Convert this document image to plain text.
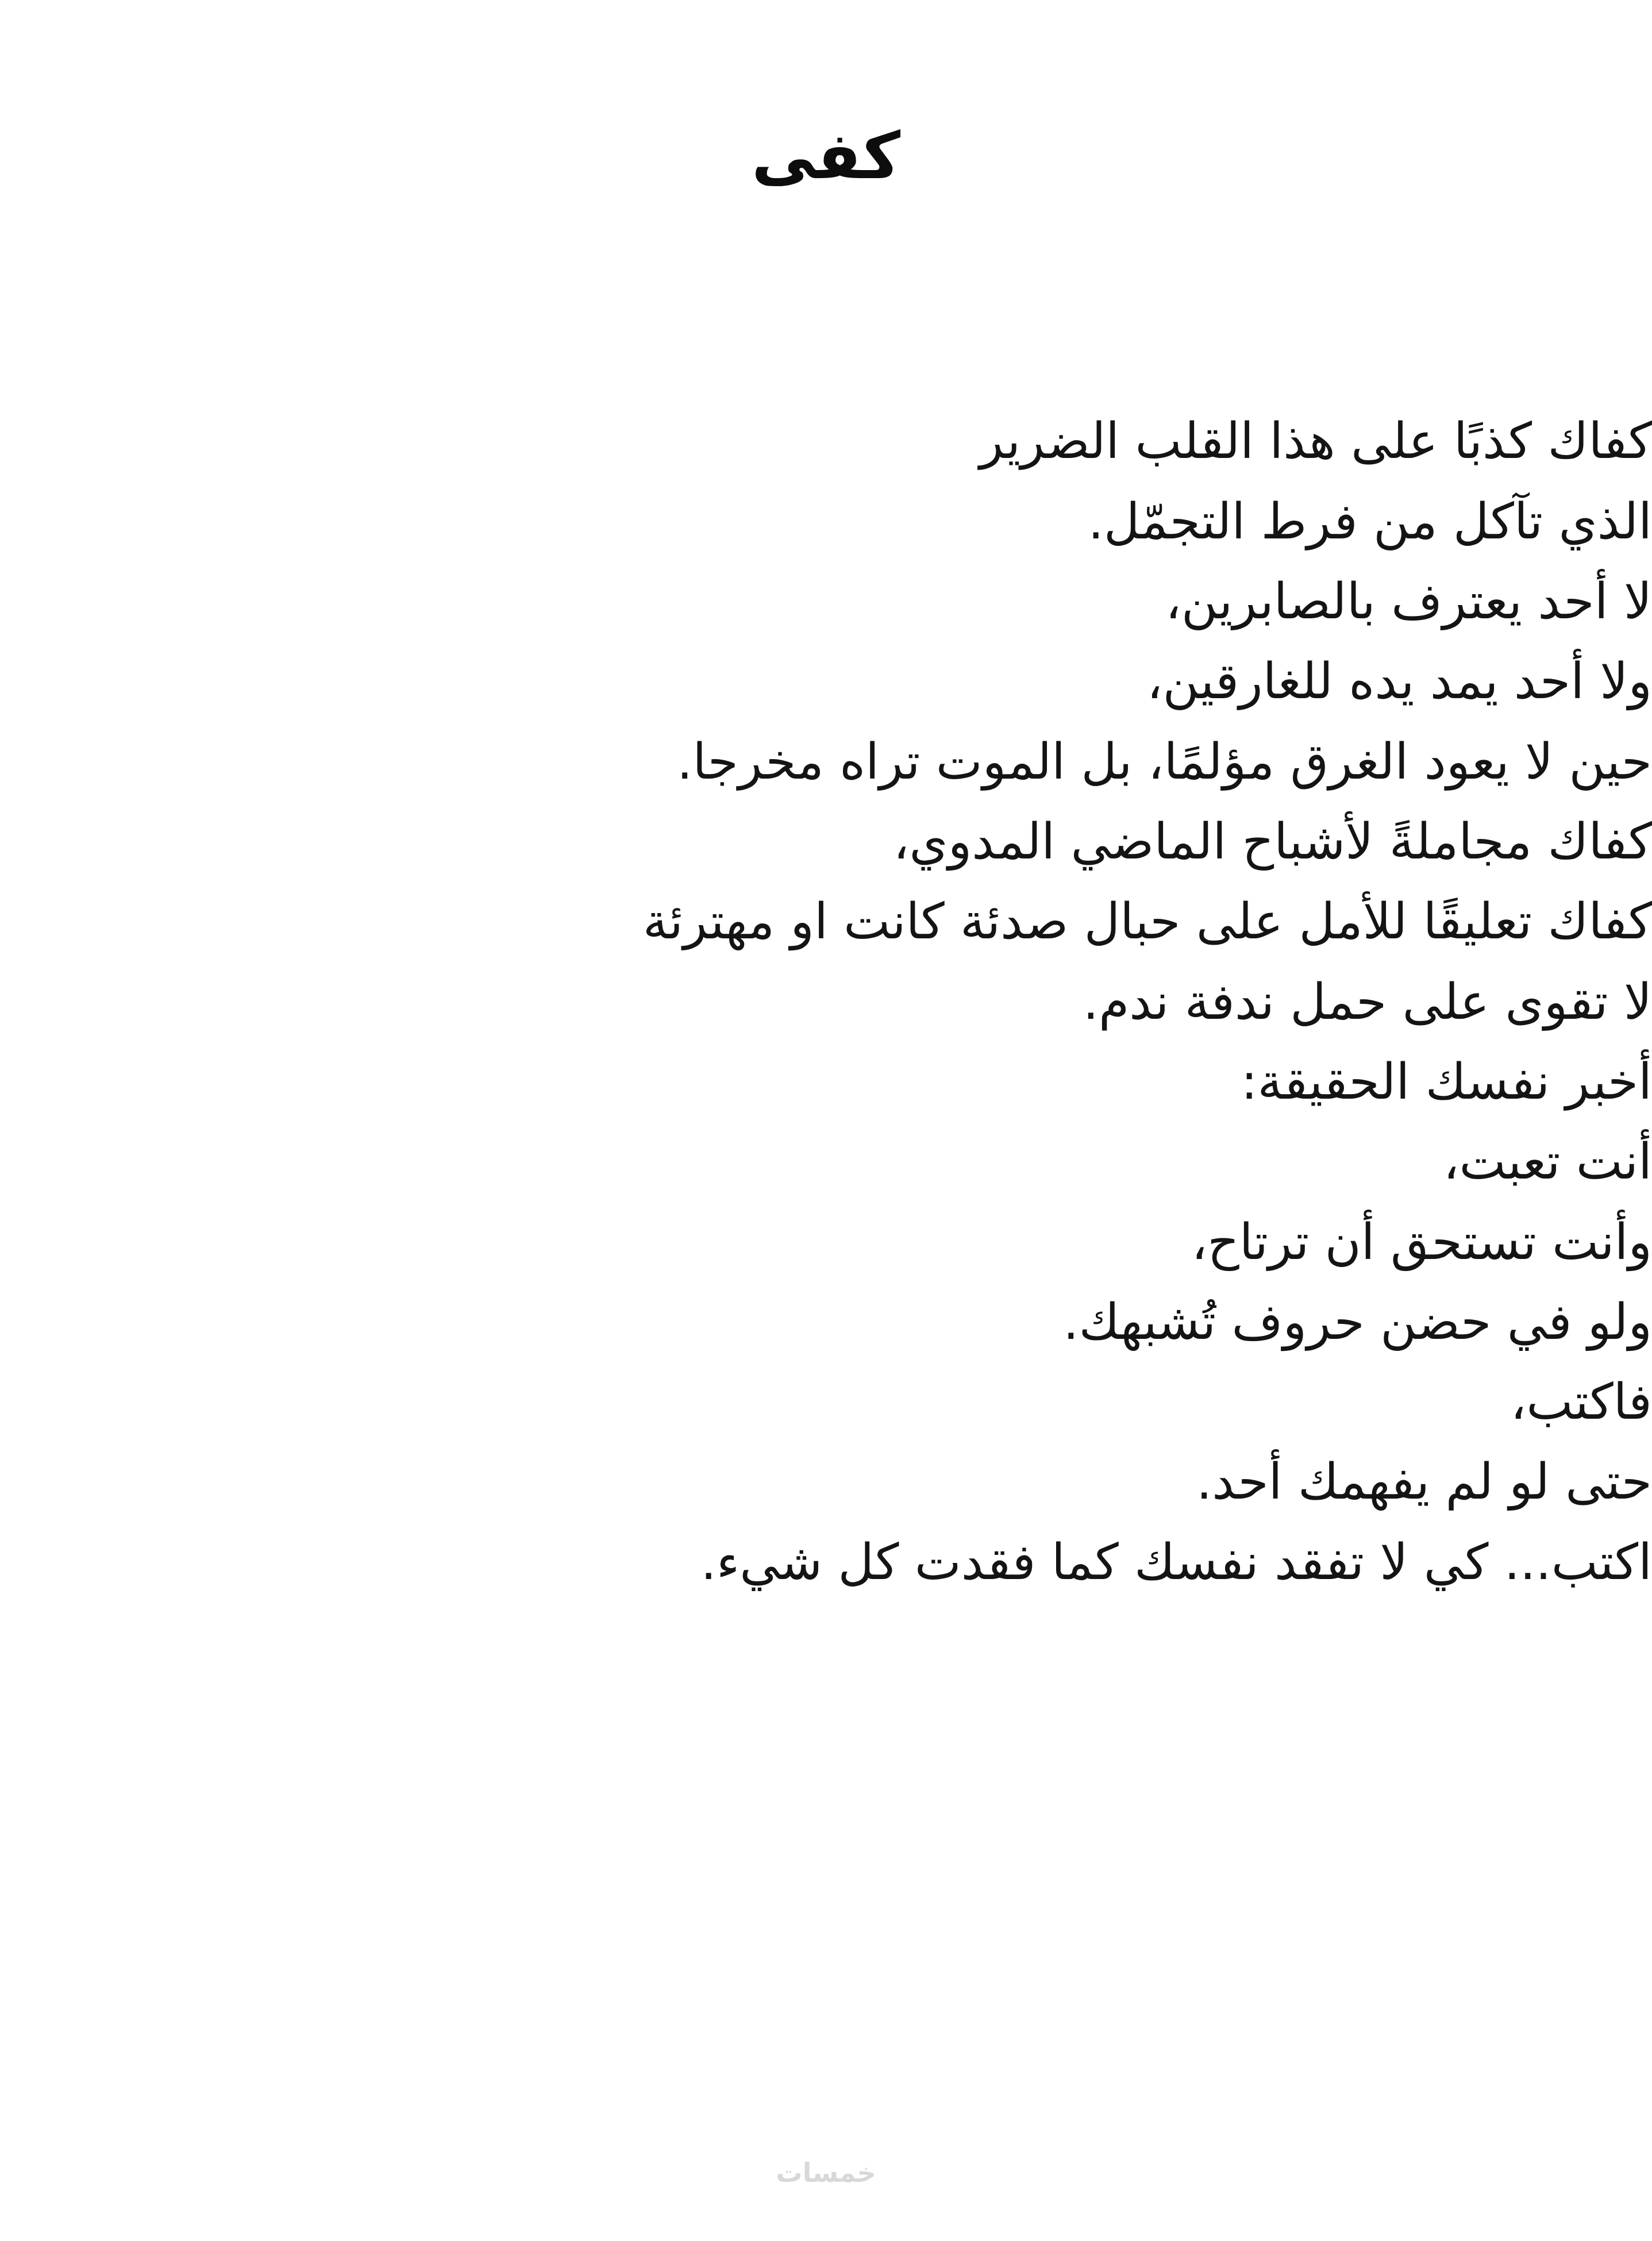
كفى
كفاك كذبًا على هذا القلب الضرير
الذي تآكل من فرط التجمّل.
لا أحد يعترف بالصابرين،
ولا أحد يمد يده للغارقين،
حين لا يعود الغرق مؤلمًا، بل الموت تراه مخرجا.
كفاك مجاملةً لأشباح الماضي المدوي،
كفاك تعليقًا للأمل على حبال صدئة كانت او مهترئة
لا تقوى على حمل ندفة ندم.
أخبر نفسك الحقيقة:
أنت تعبت،
وأنت تستحق أن ترتاح،
ولو في حضن حروف تُشبهك.
فاكتب،
حتى لو لم يفهمك أحد.
اكتب... كي لا تفقد نفسك كما فقدت كل شيء.
خمسات
